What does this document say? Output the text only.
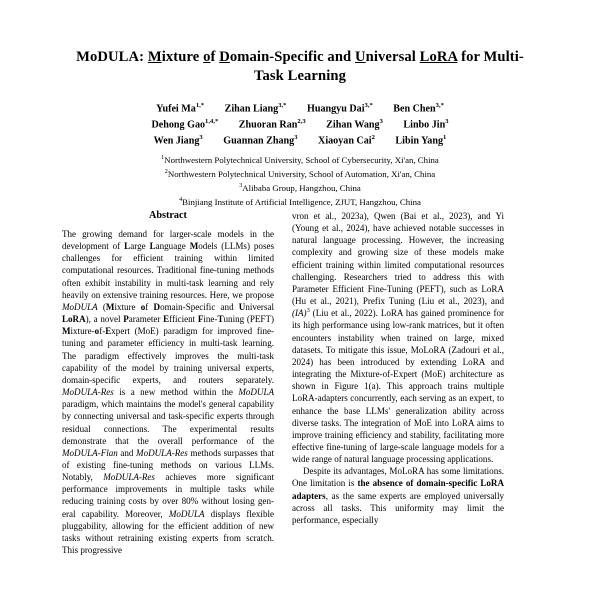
MoDULA: Mixture of Domain-Specific and Universal LoRA for Multi-Task Learning
Yufei $Ma^{1,*}$ Zihan Liang$^{3,*}$ Huangyu Dai$^{3,*}$ Ben Chen$^{3,*}$
Dehong Gao$^{1,4,*}$ Zhuoran Ran$^{2,3}$ Zihan Wang$^3$ Linbo Jin$^3$
Wen Jiang$^3$ Guannan Zhang$^3$ Xiaoyan Cai$^2$ Libin Yang$^1$
$^1$Northwestern Polytechnical University, School of Cybersecurity, Xi'an, China
$^2$Northwestern Polytechnical University, School of Automation, Xi'an, China
$^3$Alibaba Group, Hangzhou, China
$^4$Binjiang Institute of Artificial Intelligence, ZJUT, Hangzhou, China
Abstract

The growing demand for larger-scale models in the development of Large Language Models (LLMs) poses challenges for efficient training within limited computational resources. Traditional fine-tuning methods often exhibit instability in multi-task learning and rely heavily on extensive training resources. Here, we propose MoDULA (Mixture of Domain-Specific and Universal LoRA), a novel Parameter Efficient Fine-Tuning (PEFT) Mixture-of-Expert (MoE) paradigm for improved fine-tuning and parameter efficiency in multi-task learning. The paradigm effectively improves the multi-task capability of the model by training universal experts, domain-specific experts, and routers separately. MoDULA-Res is a new method within the MoDULA paradigm, which maintains the model's general capability by connecting universal and task-specific experts through residual connections. The experimental results demonstrate that the overall performance of the MoDULA-Flan and MoDULA-Res methods surpasses that of existing fine-tuning methods on various LLMs. Notably, MoDULA-Res achieves more significant performance improvements in multiple tasks while reducing training costs by over 80% without losing general capability. Moreover, MoDULA displays flexible pluggability, allowing for the efficient addition of new tasks without retraining existing experts from scratch. This progressive

vron et al., 2023a), Qwen (Bai et al., 2023), and Yi (Young et al., 2024), have achieved notable successes in natural language processing. However, the increasing complexity and growing size of these models make efficient training within limited computational resources challenging. Researchers tried to address this with Parameter Efficient Fine-Tuning (PEFT), such as LoRA (Hu et al., 2021), Prefix Tuning (Liu et al., 2023), and (IA)$^3$ (Liu et al., 2022). LoRA has gained prominence for its high performance using low-rank matrices, but it often encounters instability when trained on large, mixed datasets. To mitigate this issue, MoLoRA (Zadouri et al., 2024) has been introduced by extending LoRA and integrating the Mixture-of-Expert (MoE) architecture as shown in Figure 1(a). This approach trains multiple LoRA-adapters concurrently, each serving as an expert, to enhance the base LLMs' generalization ability across diverse tasks. The integration of MoE into LoRA aims to improve training efficiency and stability, facilitating more effective fine-tuning of large-scale language models for a wide range of natural language processing applications.

Despite its advantages, MoLoRA has some limitations. One limitation is the absence of domain-specific LoRA adapters, as the same experts are employed universally across all tasks. This uniformity may limit the performance, especially
